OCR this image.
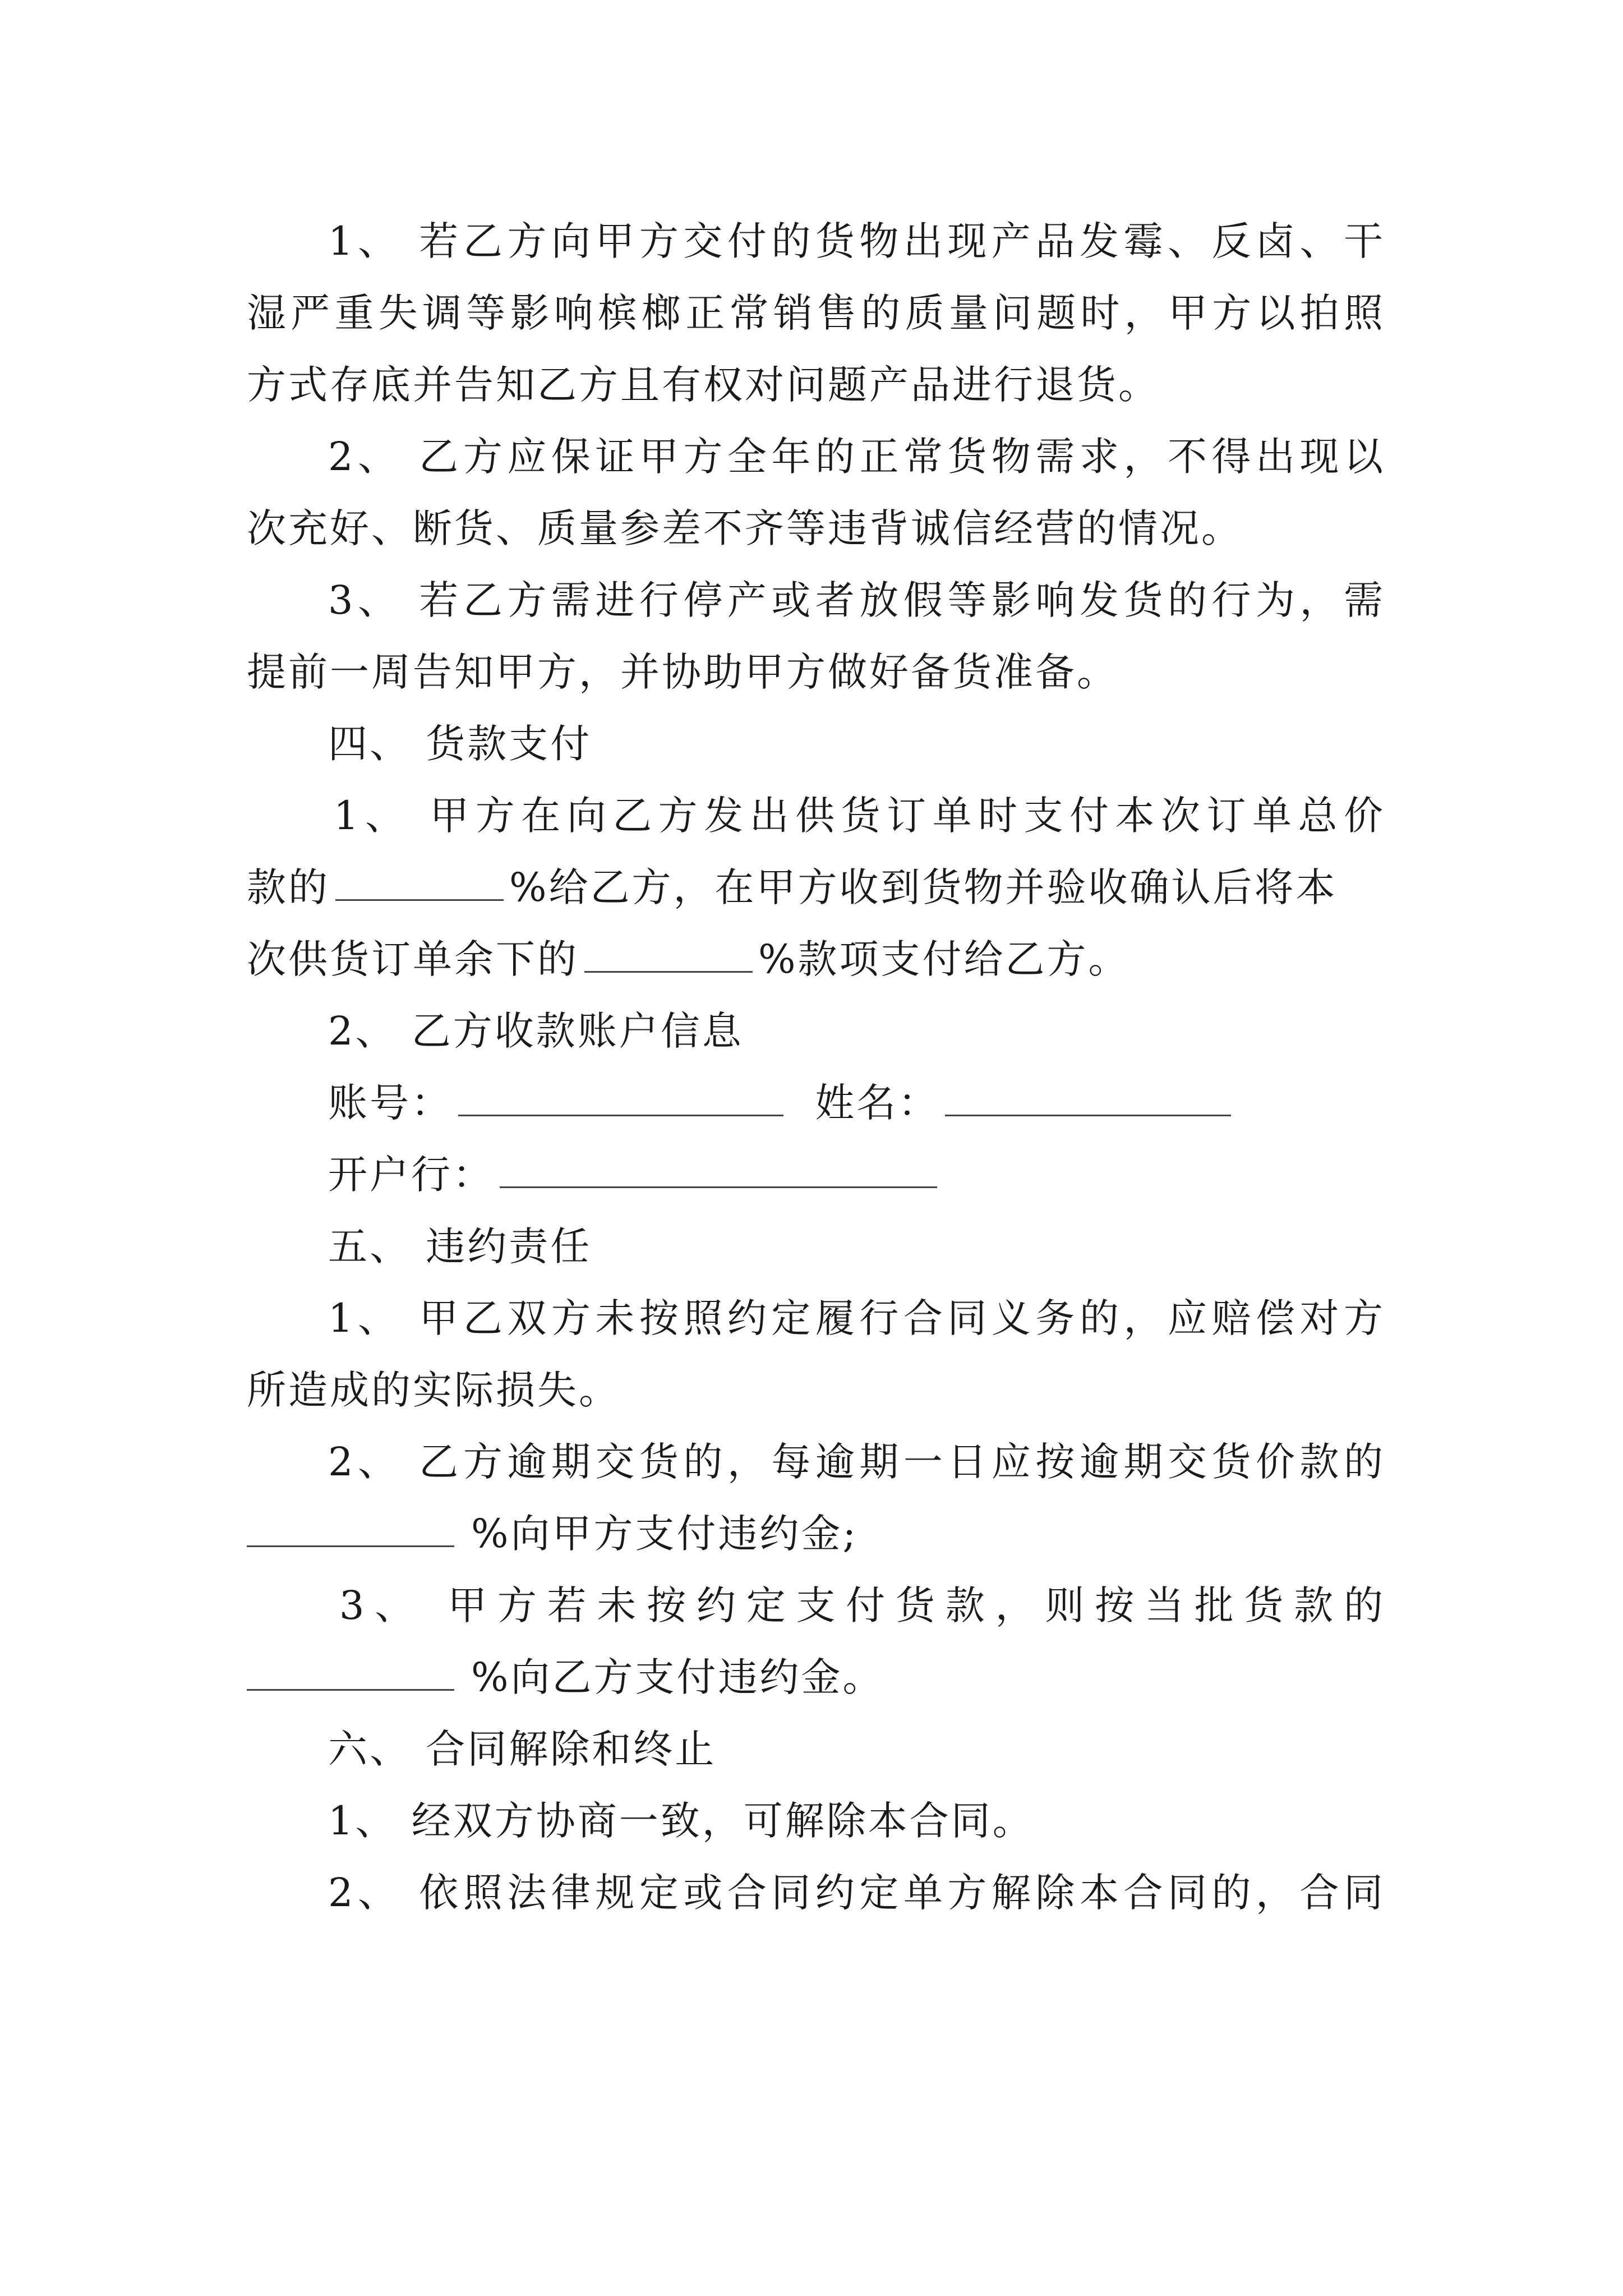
1、 若乙方向甲方交付的货物出现产品发霉、反卤、干
湿严重失调等影响槟榔正常销售的质量问题时，甲方以拍照
方式存底并告知乙方且有权对问题产品进行退货。
2、 乙方应保证甲方全年的正常货物需求，不得出现以
次充好、断货、质量参差不齐等违背诚信经营的情况。
3、 若乙方需进行停产或者放假等影响发货的行为，需
提前一周告知甲方，并协助甲方做好备货准备。
四、 货款支付
1、 甲方在向乙方发出供货订单时支付本次订单总价
款的	%给乙方，在甲方收到货物并验收确认后将本
次供货订单余下的	%款项支付给乙方。
2、 乙方收款账户信息
账号：	姓名：
开户行：
五、 违约责任
1、 甲乙双方未按照约定履行合同义务的，应赔偿对方
所造成的实际损失。
2、 乙方逾期交货的，每逾期一日应按逾期交货价款的
%向甲方支付违约金;
3、 甲方若未按约定支付货款，则按当批货款的
%向乙方支付违约金。
六、 合同解除和终止
1、 经双方协商一致，可解除本合同。
2、 依照法律规定或合同约定单方解除本合同的，合同
